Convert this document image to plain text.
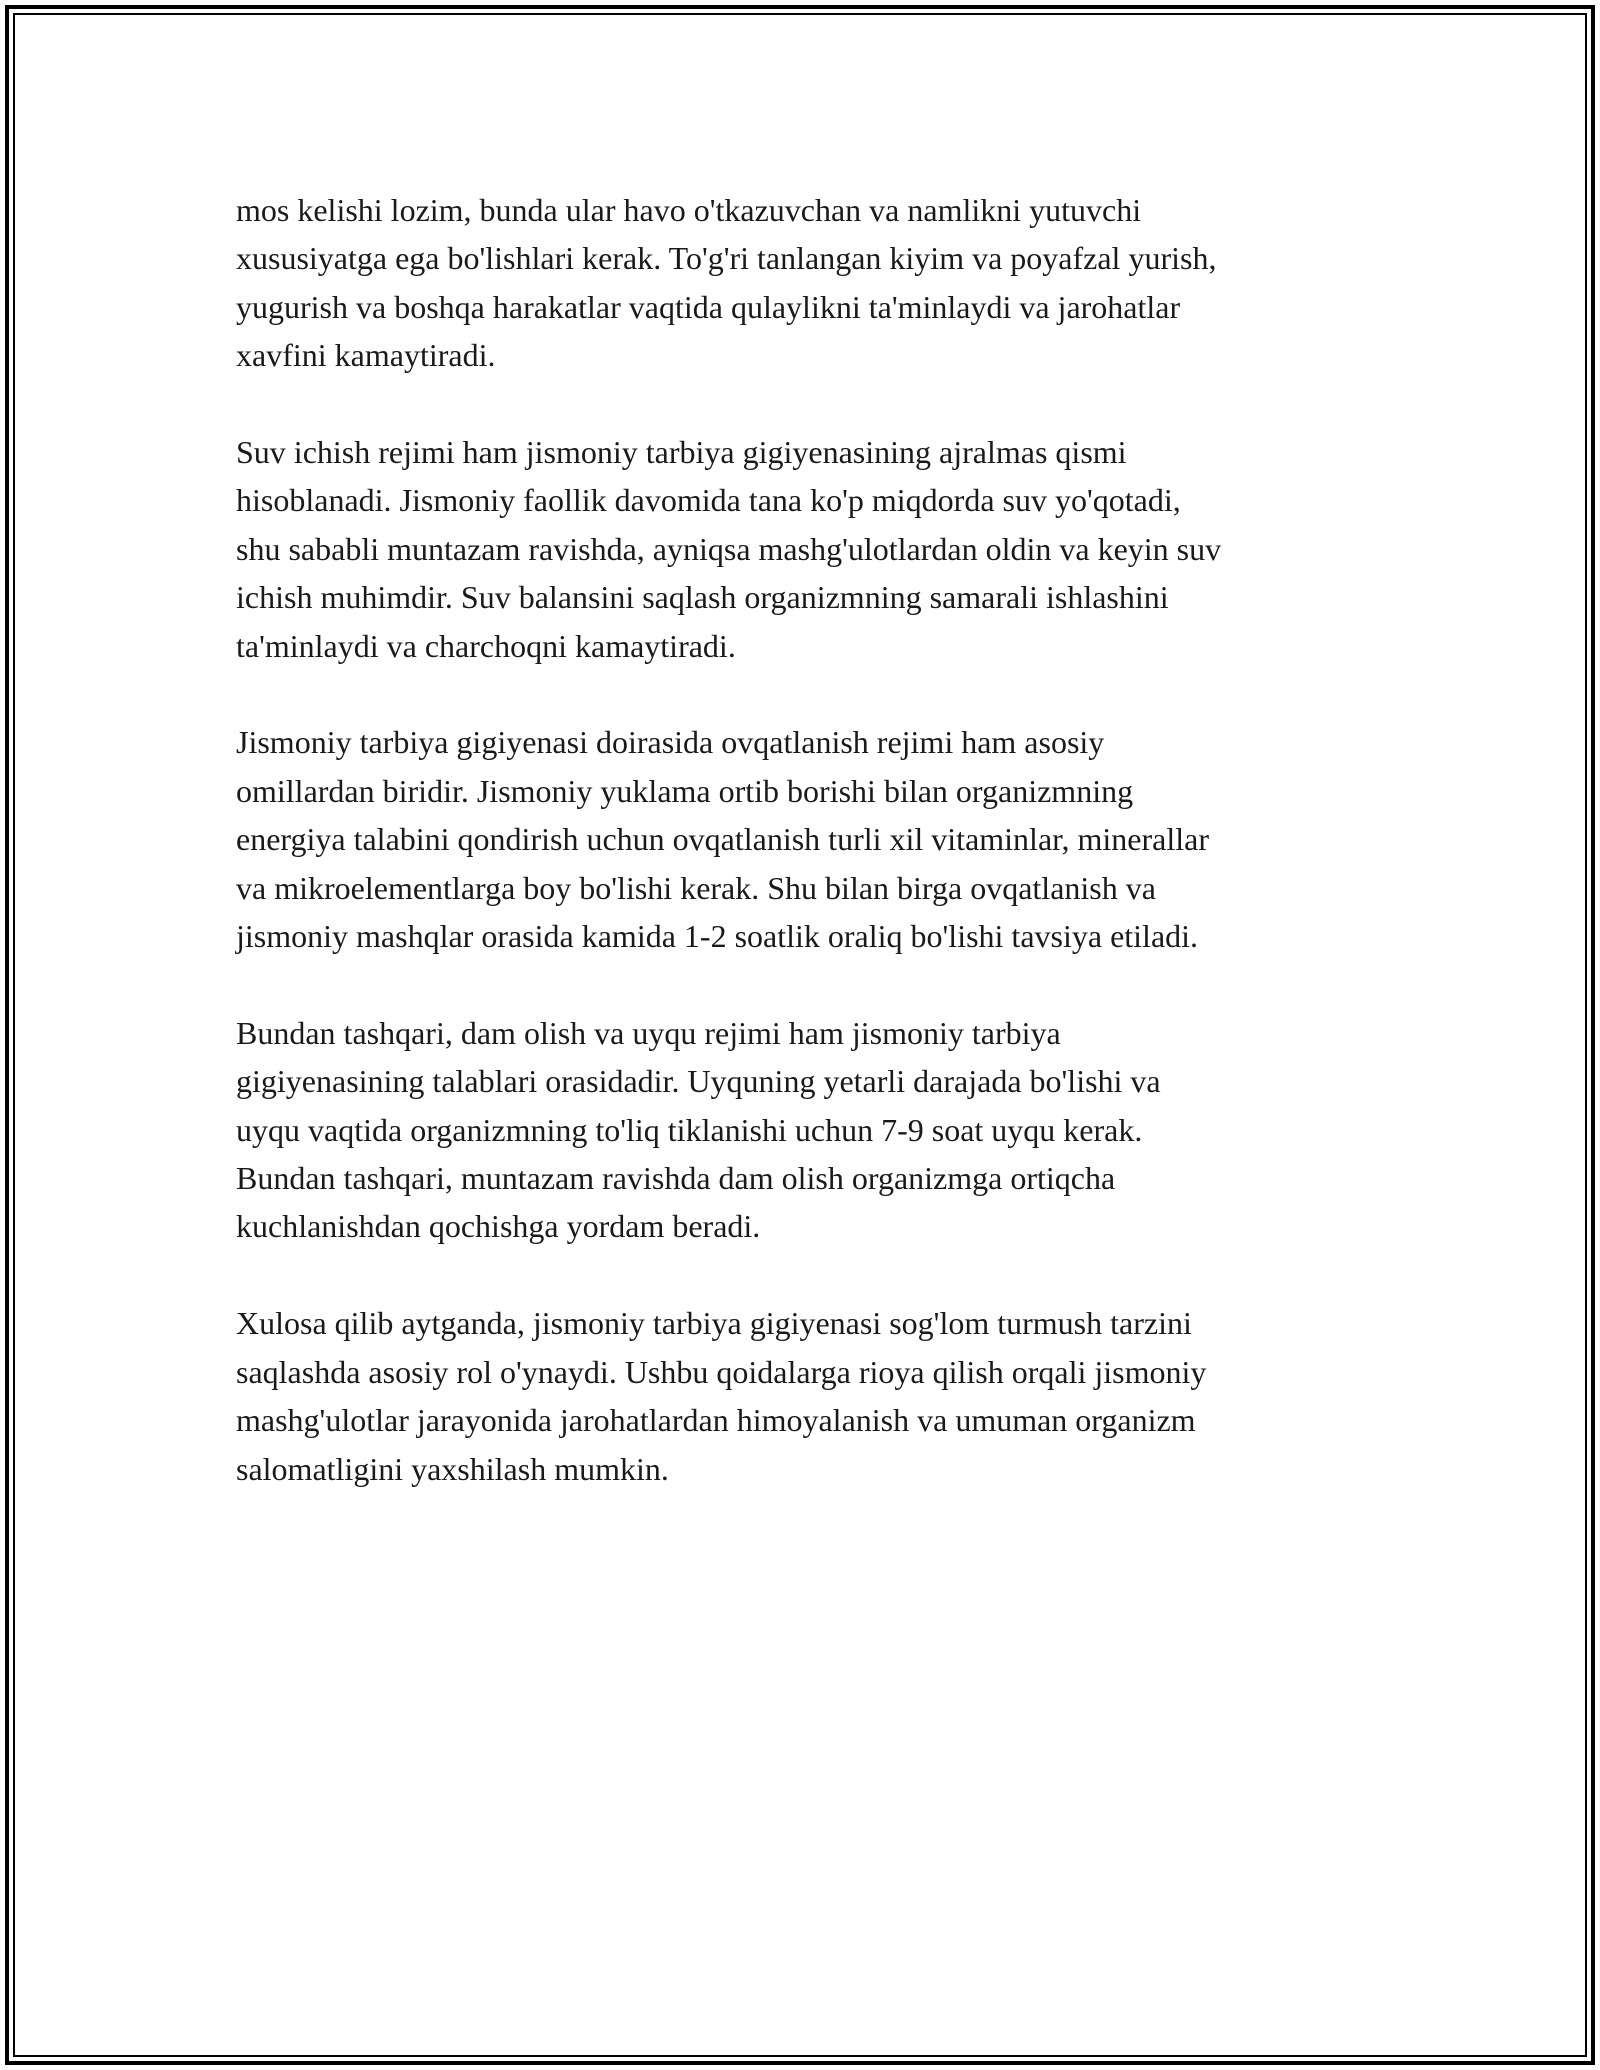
mos kelishi lozim, bunda ular havo o'tkazuvchan va namlikni yutuvchi
xususiyatga ega bo'lishlari kerak. To'g'ri tanlangan kiyim va poyafzal yurish,
yugurish va boshqa harakatlar vaqtida qulaylikni ta'minlaydi va jarohatlar
xavfini kamaytiradi.

Suv ichish rejimi ham jismoniy tarbiya gigiyenasining ajralmas qismi
hisoblanadi. Jismoniy faollik davomida tana ko'p miqdorda suv yo'qotadi,
shu sababli muntazam ravishda, ayniqsa mashg'ulotlardan oldin va keyin suv
ichish muhimdir. Suv balansini saqlash organizmning samarali ishlashini
ta'minlaydi va charchoqni kamaytiradi.

Jismoniy tarbiya gigiyenasi doirasida ovqatlanish rejimi ham asosiy
omillardan biridir. Jismoniy yuklama ortib borishi bilan organizmning
energiya talabini qondirish uchun ovqatlanish turli xil vitaminlar, minerallar
va mikroelementlarga boy bo'lishi kerak. Shu bilan birga ovqatlanish va
jismoniy mashqlar orasida kamida 1-2 soatlik oraliq bo'lishi tavsiya etiladi.

Bundan tashqari, dam olish va uyqu rejimi ham jismoniy tarbiya
gigiyenasining talablari orasidadir. Uyquning yetarli darajada bo'lishi va
uyqu vaqtida organizmning to'liq tiklanishi uchun 7-9 soat uyqu kerak.
Bundan tashqari, muntazam ravishda dam olish organizmga ortiqcha
kuchlanishdan qochishga yordam beradi.

Xulosa qilib aytganda, jismoniy tarbiya gigiyenasi sog'lom turmush tarzini
saqlashda asosiy rol o'ynaydi. Ushbu qoidalarga rioya qilish orqali jismoniy
mashg'ulotlar jarayonida jarohatlardan himoyalanish va umuman organizm
salomatligini yaxshilash mumkin.
